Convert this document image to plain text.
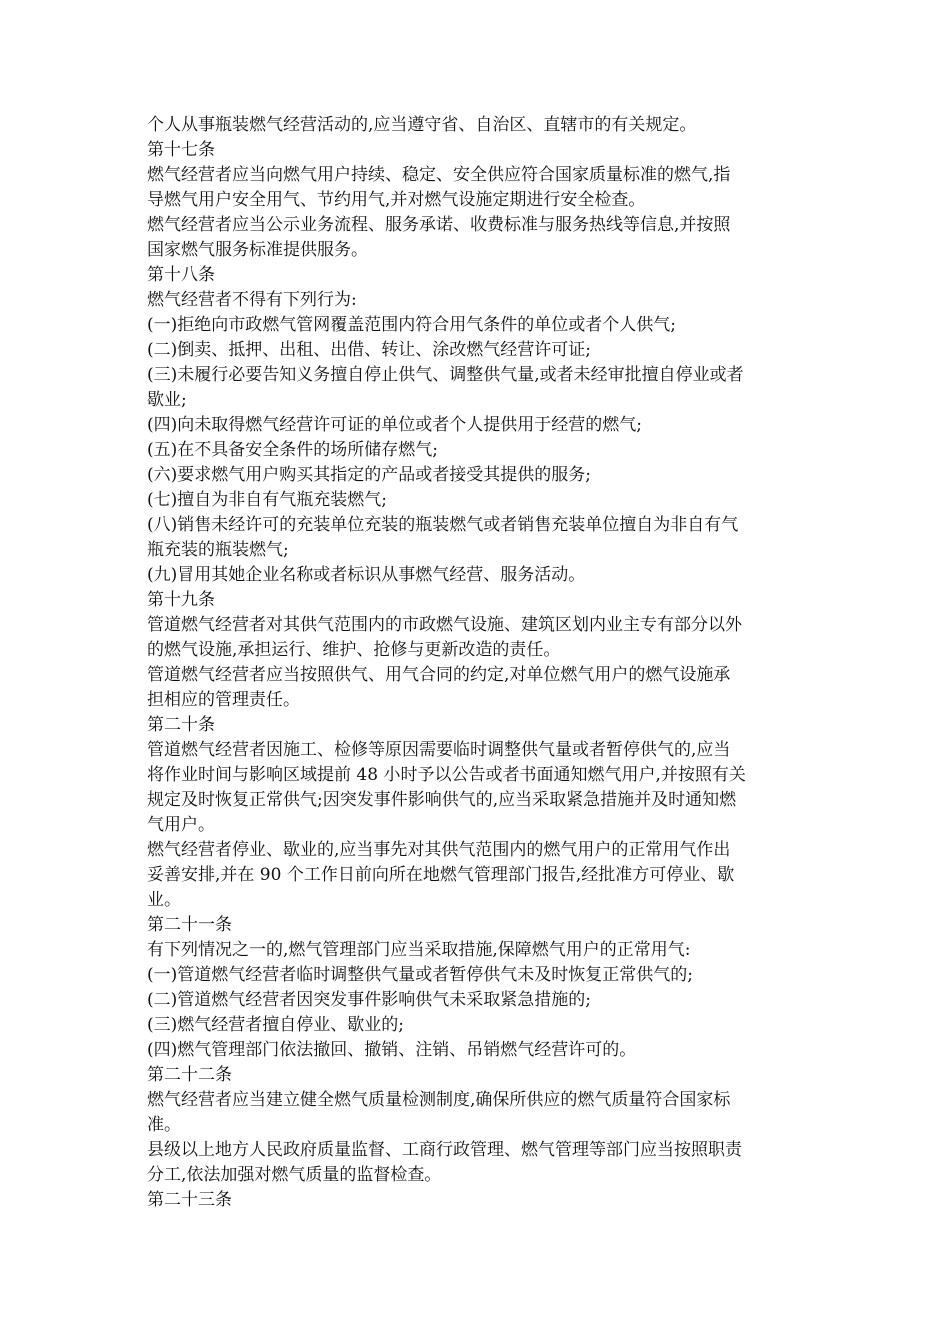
个人从事瓶装燃气经营活动的,应当遵守省、自治区、直辖市的有关规定。

第十七条

燃气经营者应当向燃气用户持续、稳定、安全供应符合国家质量标准的燃气,指

导燃气用户安全用气、节约用气,并对燃气设施定期进行安全检查。

燃气经营者应当公示业务流程、服务承诺、收费标准与服务热线等信息,并按照

国家燃气服务标准提供服务。

第十八条

燃气经营者不得有下列行为:

(一)拒绝向市政燃气管网覆盖范围内符合用气条件的单位或者个人供气;

(二)倒卖、抵押、出租、出借、转让、涂改燃气经营许可证;

(三)未履行必要告知义务擅自停止供气、调整供气量,或者未经审批擅自停业或者

歇业;

(四)向未取得燃气经营许可证的单位或者个人提供用于经营的燃气;

(五)在不具备安全条件的场所储存燃气;

(六)要求燃气用户购买其指定的产品或者接受其提供的服务;

(七)擅自为非自有气瓶充装燃气;

(八)销售未经许可的充装单位充装的瓶装燃气或者销售充装单位擅自为非自有气

瓶充装的瓶装燃气;

(九)冒用其她企业名称或者标识从事燃气经营、服务活动。

第十九条

管道燃气经营者对其供气范围内的市政燃气设施、建筑区划内业主专有部分以外

的燃气设施,承担运行、维护、抢修与更新改造的责任。

管道燃气经营者应当按照供气、用气合同的约定,对单位燃气用户的燃气设施承

担相应的管理责任。

第二十条

管道燃气经营者因施工、检修等原因需要临时调整供气量或者暂停供气的,应当

将作业时间与影响区域提前 48 小时予以公告或者书面通知燃气用户,并按照有关

规定及时恢复正常供气;因突发事件影响供气的,应当采取紧急措施并及时通知燃

气用户。

燃气经营者停业、歇业的,应当事先对其供气范围内的燃气用户的正常用气作出

妥善安排,并在 90 个工作日前向所在地燃气管理部门报告,经批准方可停业、歇

业。

第二十一条

有下列情况之一的,燃气管理部门应当采取措施,保障燃气用户的正常用气:

(一)管道燃气经营者临时调整供气量或者暂停供气未及时恢复正常供气的;

(二)管道燃气经营者因突发事件影响供气未采取紧急措施的;

(三)燃气经营者擅自停业、歇业的;

(四)燃气管理部门依法撤回、撤销、注销、吊销燃气经营许可的。

第二十二条

燃气经营者应当建立健全燃气质量检测制度,确保所供应的燃气质量符合国家标

准。

县级以上地方人民政府质量监督、工商行政管理、燃气管理等部门应当按照职责

分工,依法加强对燃气质量的监督检查。

第二十三条
